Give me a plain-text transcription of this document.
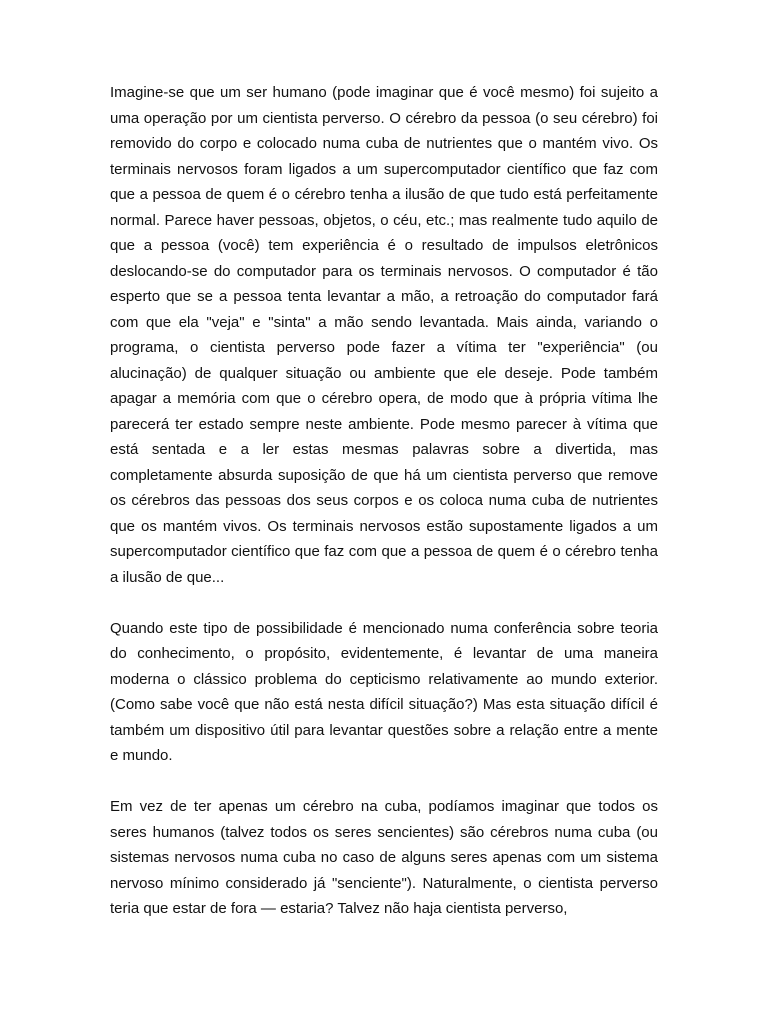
Imagine-se que um ser humano (pode imaginar que é você mesmo) foi sujeito a uma operação por um cientista perverso. O cérebro da pessoa (o seu cérebro) foi removido do corpo e colocado numa cuba de nutrientes que o mantém vivo. Os terminais nervosos foram ligados a um supercomputador científico que faz com que a pessoa de quem é o cérebro tenha a ilusão de que tudo está perfeitamente normal. Parece haver pessoas, objetos, o céu, etc.; mas realmente tudo aquilo de que a pessoa (você) tem experiência é o resultado de impulsos eletrônicos deslocando-se do computador para os terminais nervosos. O computador é tão esperto que se a pessoa tenta levantar a mão, a retroação do computador fará com que ela "veja" e "sinta" a mão sendo levantada. Mais ainda, variando o programa, o cientista perverso pode fazer a vítima ter "experiência" (ou alucinação) de qualquer situação ou ambiente que ele deseje. Pode também apagar a memória com que o cérebro opera, de modo que à própria vítima lhe parecerá ter estado sempre neste ambiente. Pode mesmo parecer à vítima que está sentada e a ler estas mesmas palavras sobre a divertida, mas completamente absurda suposição de que há um cientista perverso que remove os cérebros das pessoas dos seus corpos e os coloca numa cuba de nutrientes que os mantém vivos. Os terminais nervosos estão supostamente ligados a um supercomputador científico que faz com que a pessoa de quem é o cérebro tenha a ilusão de que...

Quando este tipo de possibilidade é mencionado numa conferência sobre teoria do conhecimento, o propósito, evidentemente, é levantar de uma maneira moderna o clássico problema do cepticismo relativamente ao mundo exterior. (Como sabe você que não está nesta difícil situação?) Mas esta situação difícil é também um dispositivo útil para levantar questões sobre a relação entre a mente e mundo.

Em vez de ter apenas um cérebro na cuba, podíamos imaginar que todos os seres humanos (talvez todos os seres sencientes) são cérebros numa cuba (ou sistemas nervosos numa cuba no caso de alguns seres apenas com um sistema nervoso mínimo considerado já "senciente"). Naturalmente, o cientista perverso teria que estar de fora — estaria? Talvez não haja cientista perverso,
